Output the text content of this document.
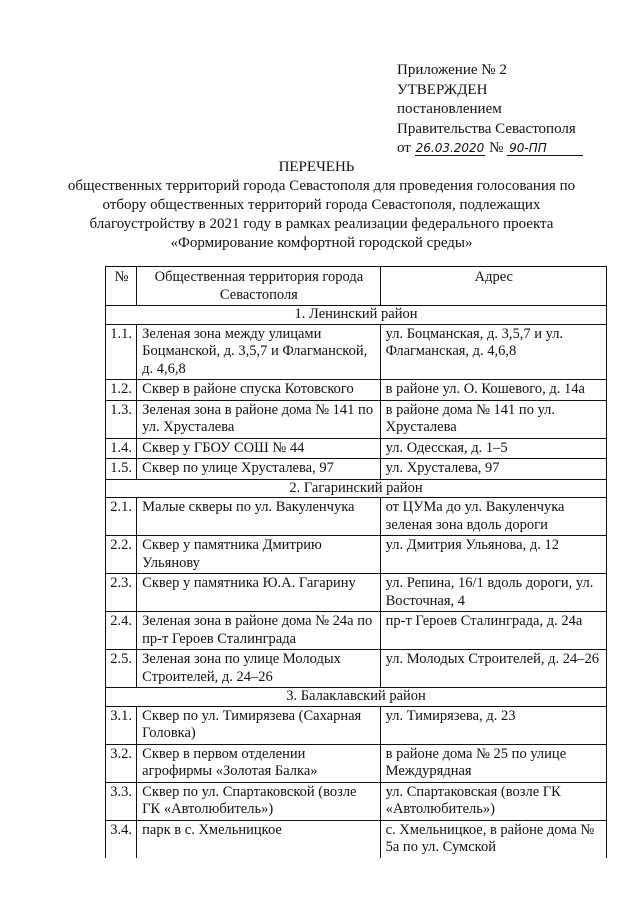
Приложение № 2
УТВЕРЖДЕН
постановлением
Правительства Севастополя
от 26.03.2020 № 90-ПП
ПЕРЕЧЕНЬ
общественных территорий города Севастополя для проведения голосования по отбору общественных территорий города Севастополя, подлежащих благоустройству в 2021 году в рамках реализации федерального проекта «Формирование комфортной городской среды»
№	Общественная территория города Севастополя	Адрес
1. Ленинский район		
1.1.	Зеленая зона между улицами Боцманской, д. 3,5,7 и Флагманской, д. 4,6,8	ул. Боцманская, д. 3,5,7 и ул. Флагманская, д. 4,6,8
1.2.	Сквер в районе спуска Котовского	в районе ул. О. Кошевого, д. 14а
1.3.	Зеленая зона в районе дома № 141 по ул. Хрусталева	в районе дома № 141 по ул. Хрусталева
1.4.	Сквер у ГБОУ СОШ № 44	ул. Одесская, д. 1–5
1.5.	Сквер по улице Хрусталева, 97	ул. Хрусталева, 97
2. Гагаринский район		
2.1.	Малые скверы по ул. Вакуленчука	от ЦУМа до ул. Вакуленчука зеленая зона вдоль дороги
2.2.	Сквер у памятника Дмитрию Ульянову	ул. Дмитрия Ульянова, д. 12
2.3.	Сквер у памятника Ю.А. Гагарину	ул. Репина, 16/1 вдоль дороги, ул. Восточная, 4
2.4.	Зеленая зона в районе дома № 24а по пр-т Героев Сталинграда	пр-т Героев Сталинграда, д. 24а
2.5.	Зеленая зона по улице Молодых Строителей, д. 24–26	ул. Молодых Строителей, д. 24–26
3. Балаклавский район		
3.1.	Сквер по ул. Тимирязева (Сахарная Головка)	ул. Тимирязева, д. 23
3.2.	Сквер в первом отделении агрофирмы «Золотая Балка»	в районе дома № 25 по улице Междурядная
3.3.	Сквер по ул. Спартаковской (возле ГК «Автолюбитель»)	ул. Спартаковская (возле ГК «Автолюбитель»)
3.4.	парк в с. Хмельницкое	с. Хмельницкое, в районе дома № 5а по ул. Сумской
